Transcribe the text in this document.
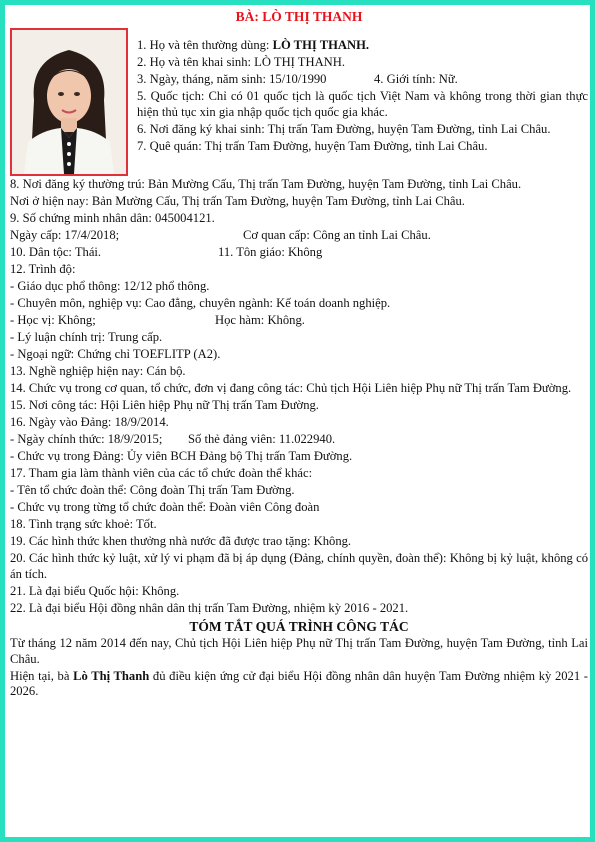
BÀ: LÒ THỊ THANH

1. Họ và tên thường dùng: LÒ THỊ THANH.

2. Họ và tên khai sinh: LÒ THỊ THANH.

3. Ngày, tháng, năm sinh: 15/10/1990	4. Giới tính: Nữ.

5. Quốc tịch: Chỉ có 01 quốc tịch là quốc tịch Việt Nam và không trong thời gian thực hiện thủ tục xin gia nhập quốc tịch quốc gia khác.

6. Nơi đăng ký khai sinh: Thị trấn Tam Đường, huyện Tam Đường, tỉnh Lai Châu.

7. Quê quán: Thị trấn Tam Đường, huyện Tam Đường, tỉnh Lai Châu.

8. Nơi đăng ký thường trú: Bản Mường Cấu, Thị trấn Tam Đường, huyện Tam Đường, tỉnh Lai Châu.

Nơi ở hiện nay: Bản Mường Cấu, Thị trấn Tam Đường, huyện Tam Đường, tỉnh Lai Châu.

9. Số chứng minh nhân dân: 045004121.

Ngày cấp: 17/4/2018;	Cơ quan cấp: Công an tỉnh Lai Châu.

10. Dân tộc: Thái.	11. Tôn giáo: Không

12. Trình độ:

- Giáo dục phổ thông: 12/12 phổ thông.

- Chuyên môn, nghiệp vụ: Cao đẳng, chuyên ngành: Kế toán doanh nghiệp.

- Học vị: Không;	Học hàm: Không.

- Lý luận chính trị: Trung cấp.

- Ngoại ngữ: Chứng chỉ TOEFLITP (A2).

13. Nghề nghiệp hiện nay: Cán bộ.

14. Chức vụ trong cơ quan, tổ chức, đơn vị đang công tác: Chủ tịch Hội Liên hiệp Phụ nữ Thị trấn Tam Đường.

15. Nơi công tác: Hội Liên hiệp Phụ nữ Thị trấn Tam Đường.

16. Ngày vào Đảng: 18/9/2014.

- Ngày chính thức: 18/9/2015; Số thẻ đảng viên: 11.022940.

- Chức vụ trong Đảng: Ủy viên BCH Đảng bộ Thị trấn Tam Đường.

17. Tham gia làm thành viên của các tổ chức đoàn thể khác:

- Tên tổ chức đoàn thể: Công đoàn Thị trấn Tam Đường.

- Chức vụ trong từng tổ chức đoàn thể: Đoàn viên Công đoàn

18. Tình trạng sức khoẻ: Tốt.

19. Các hình thức khen thưởng nhà nước đã được trao tặng: Không.

20. Các hình thức kỷ luật, xử lý vi phạm đã bị áp dụng (Đảng, chính quyền, đoàn thể): Không bị kỷ luật, không có án tích.

21. Là đại biểu Quốc hội: Không.

22. Là đại biểu Hội đồng nhân dân thị trấn Tam Đường, nhiệm kỳ 2016 - 2021.

TÓM TẮT QUÁ TRÌNH CÔNG TÁC

Từ tháng 12 năm 2014 đến nay, Chủ tịch Hội Liên hiệp Phụ nữ Thị trấn Tam Đường, huyện Tam Đường, tỉnh Lai Châu.

Hiện tại, bà Lò Thị Thanh đủ điều kiện ứng cử đại biểu Hội đồng nhân dân huyện Tam Đường nhiệm kỳ 2021 - 2026.
